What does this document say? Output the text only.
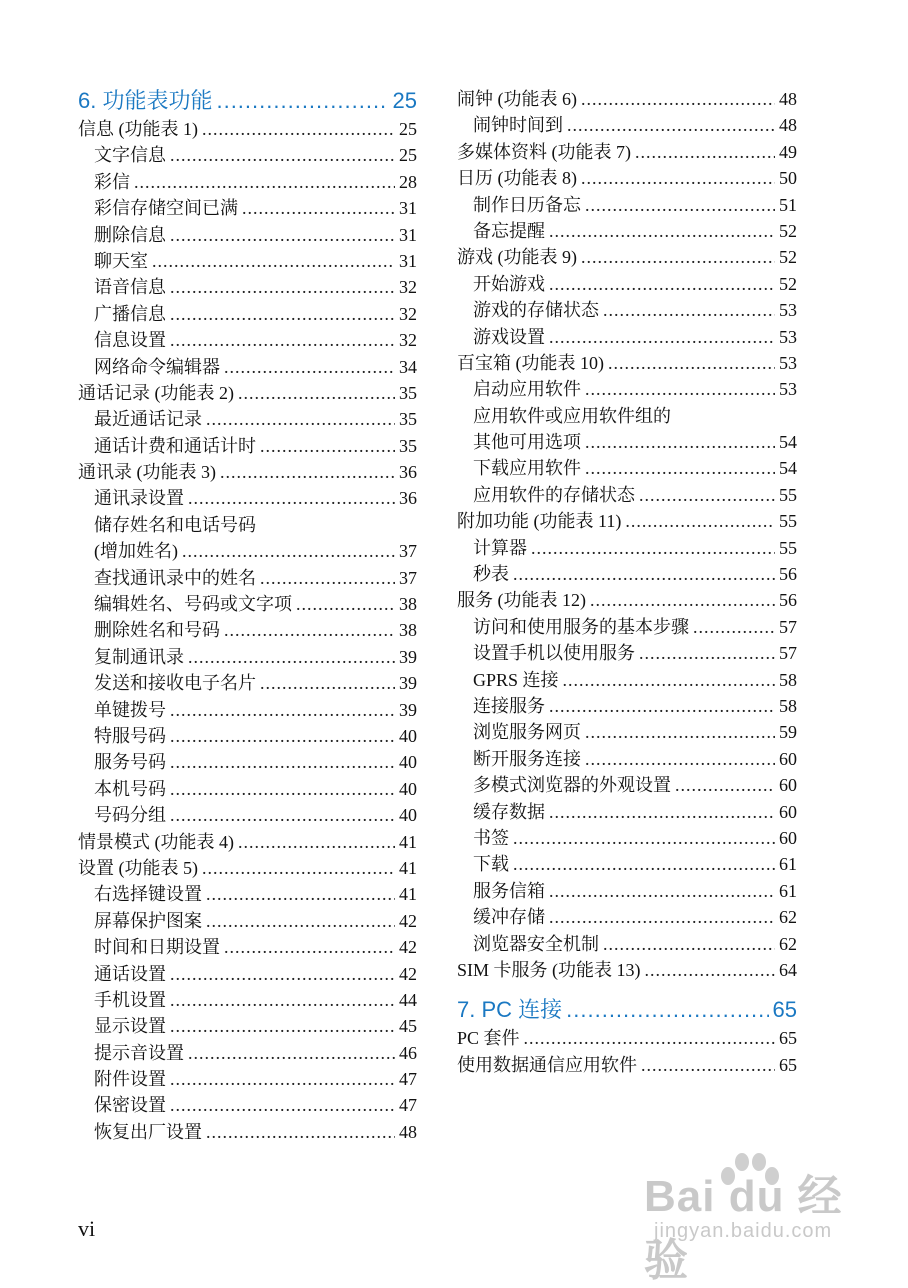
6. 功能表功能 .....	25
信息 (功能表 1) .....	25
文字信息 .....	25
彩信 .....	28
彩信存储空间已满 .....	31
删除信息 .....	31
聊天室 .....	31
语音信息 .....	32
广播信息 .....	32
信息设置 .....	32
网络命令编辑器 .....	34
通话记录 (功能表 2) .....	35
最近通话记录 .....	35
通话计费和通话计时 .....	35
通讯录 (功能表 3) .....	36
通讯录设置 .....	36
储存姓名和电话号码
(增加姓名) .....	37
查找通讯录中的姓名 .....	37
编辑姓名、号码或文字项 .....	38
删除姓名和号码 .....	38
复制通讯录 .....	39
发送和接收电子名片 .....	39
单键拨号 .....	39
特服号码 .....	40
服务号码 .....	40
本机号码 .....	40
号码分组 .....	40
情景模式 (功能表 4) .....	41
设置 (功能表 5) .....	41
右选择键设置 .....	41
屏幕保护图案 .....	42
时间和日期设置 .....	42
通话设置 .....	42
手机设置 .....	44
显示设置 .....	45
提示音设置 .....	46
附件设置 .....	47
保密设置 .....	47
恢复出厂设置 .....	48
闹钟 (功能表 6) .....	48
闹钟时间到 .....	48
多媒体资料 (功能表 7) .....	49
日历 (功能表 8) .....	50
制作日历备忘 .....	51
备忘提醒 .....	52
游戏 (功能表 9) .....	52
开始游戏 .....	52
游戏的存储状态 .....	53
游戏设置 .....	53
百宝箱 (功能表 10) .....	53
启动应用软件 .....	53
应用软件或应用软件组的
其他可用选项 .....	54
下载应用软件 .....	54
应用软件的存储状态 .....	55
附加功能 (功能表 11) .....	55
计算器 .....	55
秒表 .....	56
服务 (功能表 12) .....	56
访问和使用服务的基本步骤 .....	57
设置手机以使用服务 .....	57
GPRS 连接 .....	58
连接服务 .....	58
浏览服务网页 .....	59
断开服务连接 .....	60
多模式浏览器的外观设置 .....	60
缓存数据 .....	60
书签 .....	60
下载 .....	61
服务信箱 .....	61
缓冲存储 .....	62
浏览器安全机制 .....	62
SIM 卡服务 (功能表 13) .....	64
7. PC 连接 .....	65
PC 套件 .....	65
使用数据通信应用软件 .....	65
vi
Bai du 经验
jingyan.baidu.com
